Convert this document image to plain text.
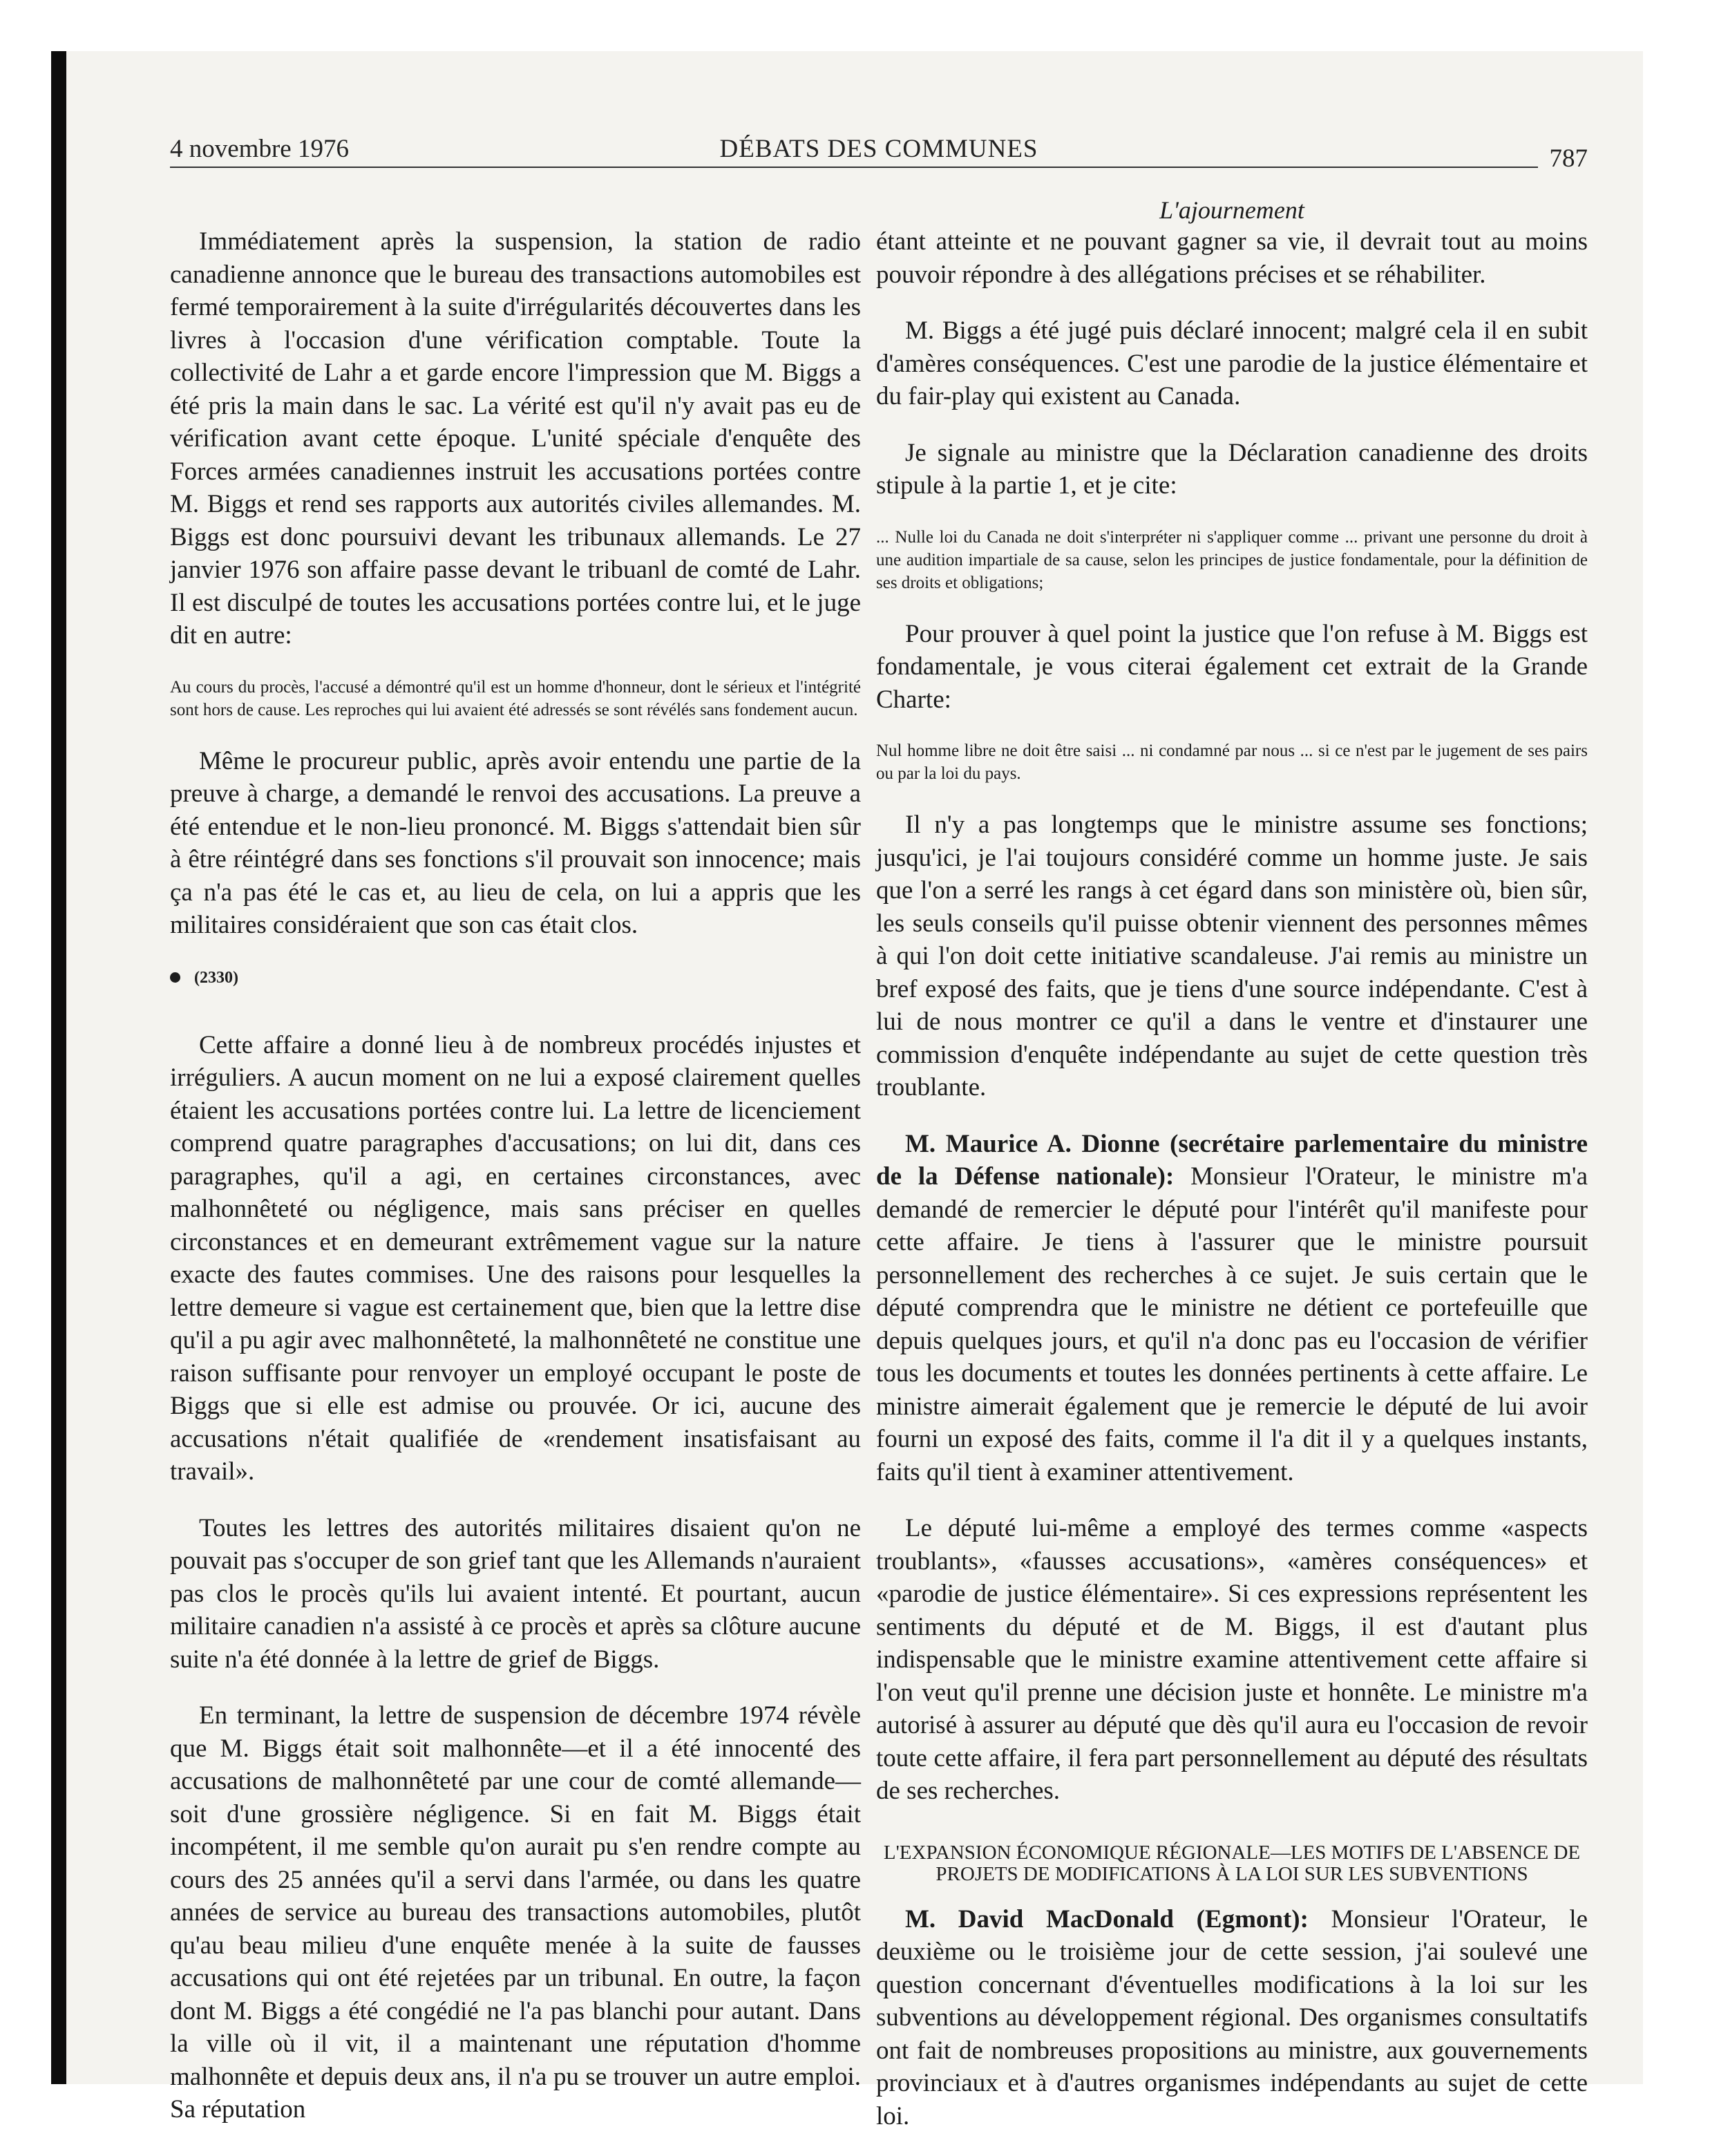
4 novembre 1976	DÉBATS DES COMMUNES	787
L'ajournement

Immédiatement après la suspension, la station de radio canadienne annonce que le bureau des transactions automobiles est fermé temporairement à la suite d'irrégularités découvertes dans les livres à l'occasion d'une vérification comptable. Toute la collectivité de Lahr a et garde encore l'impression que M. Biggs a été pris la main dans le sac. La vérité est qu'il n'y avait pas eu de vérification avant cette époque. L'unité spéciale d'enquête des Forces armées canadiennes instruit les accusations portées contre M. Biggs et rend ses rapports aux autorités civiles allemandes. M. Biggs est donc poursuivi devant les tribunaux allemands. Le 27 janvier 1976 son affaire passe devant le tribuanl de comté de Lahr. Il est disculpé de toutes les accusations portées contre lui, et le juge dit en autre:

Au cours du procès, l'accusé a démontré qu'il est un homme d'honneur, dont le sérieux et l'intégrité sont hors de cause. Les reproches qui lui avaient été adressés se sont révélés sans fondement aucun.

Même le procureur public, après avoir entendu une partie de la preuve à charge, a demandé le renvoi des accusations. La preuve a été entendue et le non-lieu prononcé. M. Biggs s'attendait bien sûr à être réintégré dans ses fonctions s'il prouvait son innocence; mais ça n'a pas été le cas et, au lieu de cela, on lui a appris que les militaires considéraient que son cas était clos.

(2330)

Cette affaire a donné lieu à de nombreux procédés injustes et irréguliers. A aucun moment on ne lui a exposé clairement quelles étaient les accusations portées contre lui. La lettre de licenciement comprend quatre paragraphes d'accusations; on lui dit, dans ces paragraphes, qu'il a agi, en certaines circonstances, avec malhonnêteté ou négligence, mais sans préciser en quelles circonstances et en demeurant extrêmement vague sur la nature exacte des fautes commises. Une des raisons pour lesquelles la lettre demeure si vague est certainement que, bien que la lettre dise qu'il a pu agir avec malhonnêteté, la malhonnêteté ne constitue une raison suffisante pour renvoyer un employé occupant le poste de Biggs que si elle est admise ou prouvée. Or ici, aucune des accusations n'était qualifiée de «rendement insatisfaisant au travail».

Toutes les lettres des autorités militaires disaient qu'on ne pouvait pas s'occuper de son grief tant que les Allemands n'auraient pas clos le procès qu'ils lui avaient intenté. Et pourtant, aucun militaire canadien n'a assisté à ce procès et après sa clôture aucune suite n'a été donnée à la lettre de grief de Biggs.

En terminant, la lettre de suspension de décembre 1974 révèle que M. Biggs était soit malhonnête—et il a été innocenté des accusations de malhonnêteté par une cour de comté allemande—soit d'une grossière négligence. Si en fait M. Biggs était incompétent, il me semble qu'on aurait pu s'en rendre compte au cours des 25 années qu'il a servi dans l'armée, ou dans les quatre années de service au bureau des transactions automobiles, plutôt qu'au beau milieu d'une enquête menée à la suite de fausses accusations qui ont été rejetées par un tribunal. En outre, la façon dont M. Biggs a été congédié ne l'a pas blanchi pour autant. Dans la ville où il vit, il a maintenant une réputation d'homme malhonnête et depuis deux ans, il n'a pu se trouver un autre emploi. Sa réputation

étant atteinte et ne pouvant gagner sa vie, il devrait tout au moins pouvoir répondre à des allégations précises et se réhabiliter.

M. Biggs a été jugé puis déclaré innocent; malgré cela il en subit d'amères conséquences. C'est une parodie de la justice élémentaire et du fair-play qui existent au Canada.

Je signale au ministre que la Déclaration canadienne des droits stipule à la partie 1, et je cite:

... Nulle loi du Canada ne doit s'interpréter ni s'appliquer comme ... privant une personne du droit à une audition impartiale de sa cause, selon les principes de justice fondamentale, pour la définition de ses droits et obligations;

Pour prouver à quel point la justice que l'on refuse à M. Biggs est fondamentale, je vous citerai également cet extrait de la Grande Charte:

Nul homme libre ne doit être saisi ... ni condamné par nous ... si ce n'est par le jugement de ses pairs ou par la loi du pays.

Il n'y a pas longtemps que le ministre assume ses fonctions; jusqu'ici, je l'ai toujours considéré comme un homme juste. Je sais que l'on a serré les rangs à cet égard dans son ministère où, bien sûr, les seuls conseils qu'il puisse obtenir viennent des personnes mêmes à qui l'on doit cette initiative scandaleuse. J'ai remis au ministre un bref exposé des faits, que je tiens d'une source indépendante. C'est à lui de nous montrer ce qu'il a dans le ventre et d'instaurer une commission d'enquête indépendante au sujet de cette question très troublante.

M. Maurice A. Dionne (secrétaire parlementaire du ministre de la Défense nationale): Monsieur l'Orateur, le ministre m'a demandé de remercier le député pour l'intérêt qu'il manifeste pour cette affaire. Je tiens à l'assurer que le ministre poursuit personnellement des recherches à ce sujet. Je suis certain que le député comprendra que le ministre ne détient ce portefeuille que depuis quelques jours, et qu'il n'a donc pas eu l'occasion de vérifier tous les documents et toutes les données pertinents à cette affaire. Le ministre aimerait également que je remercie le député de lui avoir fourni un exposé des faits, comme il l'a dit il y a quelques instants, faits qu'il tient à examiner attentivement.

Le député lui-même a employé des termes comme «aspects troublants», «fausses accusations», «amères conséquences» et «parodie de justice élémentaire». Si ces expressions représentent les sentiments du député et de M. Biggs, il est d'autant plus indispensable que le ministre examine attentivement cette affaire si l'on veut qu'il prenne une décision juste et honnête. Le ministre m'a autorisé à assurer au député que dès qu'il aura eu l'occasion de revoir toute cette affaire, il fera part personnellement au député des résultats de ses recherches.

L'EXPANSION ÉCONOMIQUE RÉGIONALE—LES MOTIFS DE L'ABSENCE DE PROJETS DE MODIFICATIONS À LA LOI SUR LES SUBVENTIONS

M. David MacDonald (Egmont): Monsieur l'Orateur, le deuxième ou le troisième jour de cette session, j'ai soulevé une question concernant d'éventuelles modifications à la loi sur les subventions au développement régional. Des organismes consultatifs ont fait de nombreuses propositions au ministre, aux gouvernements provinciaux et à d'autres organismes indépendants au sujet de cette loi.
